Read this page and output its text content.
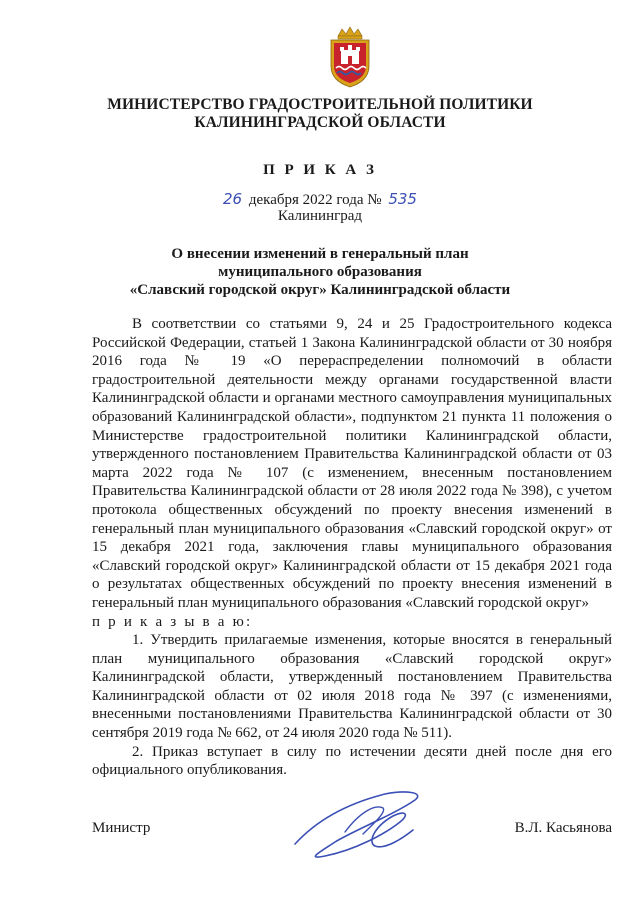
МИНИСТЕРСТВО ГРАДОСТРОИТЕЛЬНОЙ ПОЛИТИКИ
КАЛИНИНГРАДСКОЙ ОБЛАСТИ
П Р И К А З
26 декабря 2022 года № 535
Калининград
О внесении изменений в генеральный план
муниципального образования
«Славский городской округ» Калининградской области

В соответствии со статьями 9, 24 и 25 Градостроительного кодекса Российской Федерации, статьей 1 Закона Калининградской области от 30 ноября 2016 года № 19 «О перераспределении полномочий в области градостроительной деятельности между органами государственной власти Калининградской области и органами местного самоуправления муниципальных образований Калининградской области», подпунктом 21 пункта 11 положения о Министерстве градостроительной политики Калининградской области, утвержденного постановлением Правительства Калининградской области от 03 марта 2022 года № 107 (с изменением, внесенным постановлением Правительства Калининградской области от 28 июля 2022 года № 398), с учетом протокола общественных обсуждений по проекту внесения изменений в генеральный план муниципального образования «Славский городской округ» от 15 декабря 2021 года, заключения главы муниципального образования «Славский городской округ» Калининградской области от 15 декабря 2021 года о результатах общественных обсуждений по проекту внесения изменений в генеральный план муниципального образования «Славский городской округ»

п р и к а з ы в а ю:

1. Утвердить прилагаемые изменения, которые вносятся в генеральный план муниципального образования «Славский городской округ» Калининградской области, утвержденный постановлением Правительства Калининградской области от 02 июля 2018 года № 397 (с изменениями, внесенными постановлениями Правительства Калининградской области от 30 сентября 2019 года № 662, от 24 июля 2020 года № 511).

2. Приказ вступает в силу по истечении десяти дней после дня его официального опубликования.

Министр	В.Л. Касьянова
